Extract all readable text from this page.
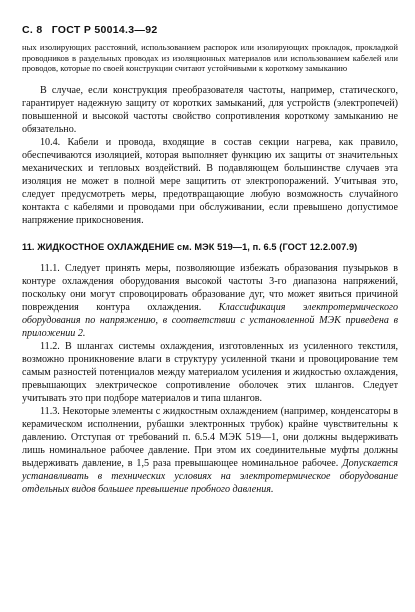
С. 8 ГОСТ Р 50014.3—92
ных изолирующих расстояний, использованием распорок или изолирующих прокладок, прокладкой проводников в раздельных проводах из изоляционных материалов или использованием кабелей или проводов, которые по своей конструкции считают устойчивыми к короткому замыканию

В случае, если конструкция преобразователя частоты, например, статического, гарантирует надежную защиту от коротких замыканий, для устройств (электропечей) повышенной и высокой частоты свойство сопротивления короткому замыканию не обязательно.

10.4. Кабели и провода, входящие в состав секции нагрева, как правило, обеспечиваются изоляцией, которая выполняет функцию их защиты от значительных механических и тепловых воздействий. В подавляющем большинстве случаев эта изоляция не может в полной мере защитить от электропоражений. Учитывая это, следует предусмотреть меры, предотвращающие любую возможность случайного контакта с кабелями и проводами при обслуживании, если превышено допустимое напряжение прикосновения.

11. ЖИДКОСТНОЕ ОХЛАЖДЕНИЕ см. МЭК 519—1, п. 6.5 (ГОСТ 12.2.007.9)

11.1. Следует принять меры, позволяющие избежать образования пузырьков в контуре охлаждения оборудования высокой частоты 3-го диапазона напряжений, поскольку они могут спровоцировать образование дуг, что может явиться причиной повреждения контура охлаждения. Классификация электротермического оборудования по напряжению, в соответствии с установленной МЭК приведена в приложении 2.

11.2. В шлангах системы охлаждения, изготовленных из усиленного текстиля, возможно проникновение влаги в структуру усиленной ткани и провоцирование тем самым разностей потенциалов между материалом усиления и жидкостью охлаждения, превышающих электрическое сопротивление оболочек этих шлангов. Следует учитывать это при подборе материалов и типа шлангов.

11.3. Некоторые элементы с жидкостным охлаждением (например, конденсаторы в керамическом исполнении, рубашки электронных трубок) крайне чувствительны к давлению. Отступая от требований п. 6.5.4 МЭК 519—1, они должны выдерживать лишь номинальное рабочее давление. При этом их соединительные муфты должны выдерживать давление, в 1,5 раза превышающее номинальное рабочее. Допускается устанавливать в технических условиях на электротермическое оборудование отдельных видов большее превышение пробного давления.
